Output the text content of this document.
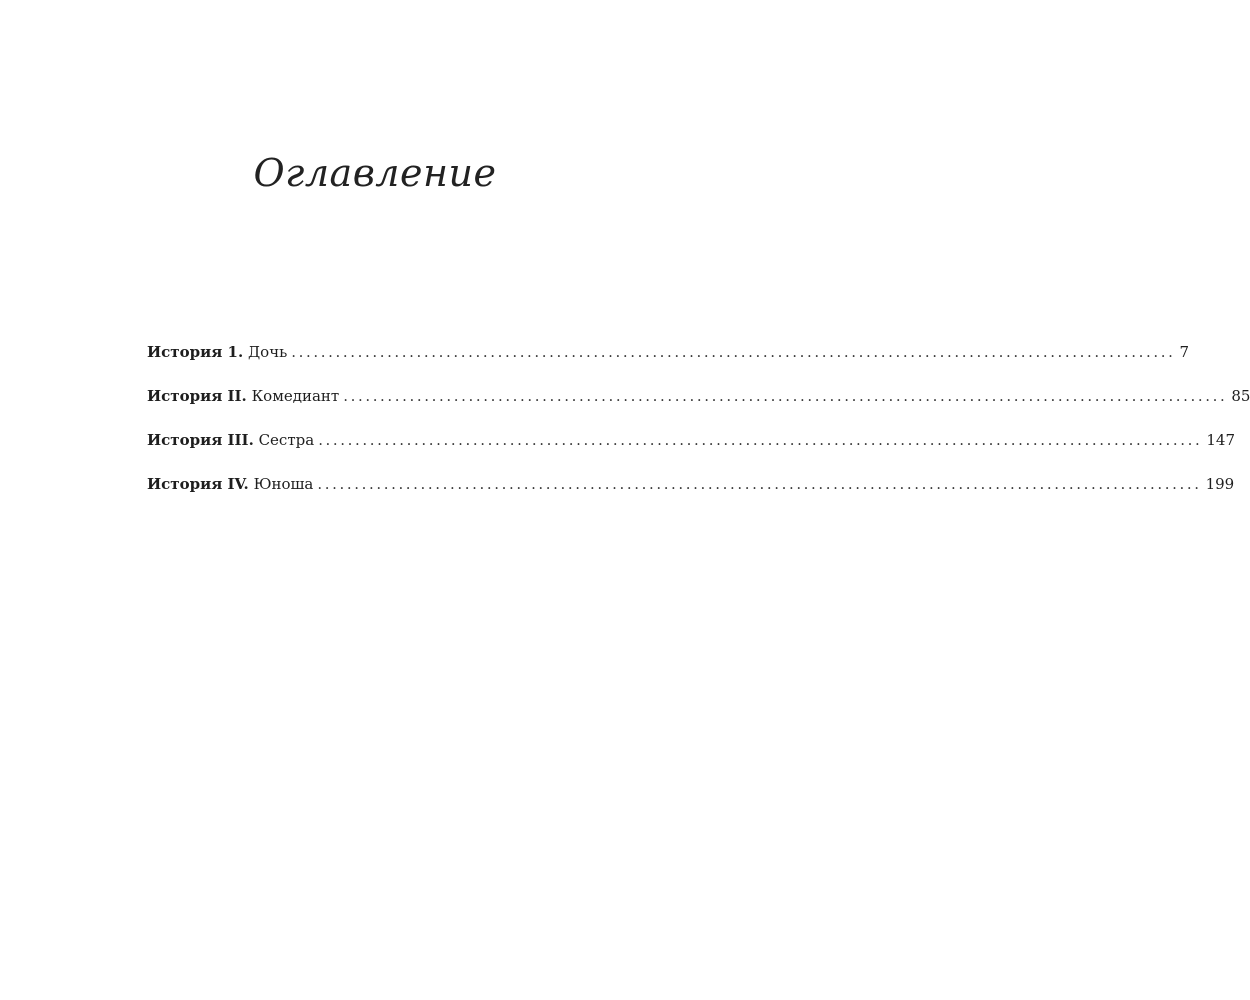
Оглавление
История 1. Дочь ........................................................................................................................ 7
История II. Комедиант ........................................................................................................................ 85
История III. Сестра ........................................................................................................................ 147
История IV. Юноша ........................................................................................................................ 199
